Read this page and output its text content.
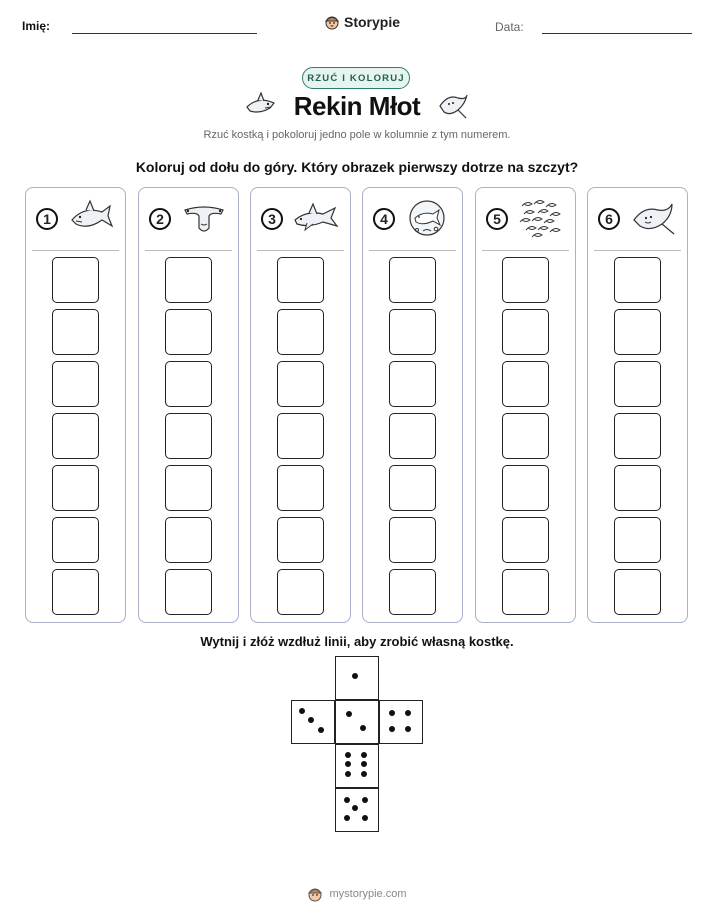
Imię:	Storypie	Data:
RZUĆ I KOLORUJ
Rekin Młot
Rzuć kostką i pokoloruj jedno pole w kolumnie z tym numerem.
Koloruj od dołu do góry. Który obrazek pierwszy dotrze na szczyt?
1	2	3	4	5	6
Wytnij i złóż wzdłuż linii, aby zrobić własną kostkę.
mystorypie.com
